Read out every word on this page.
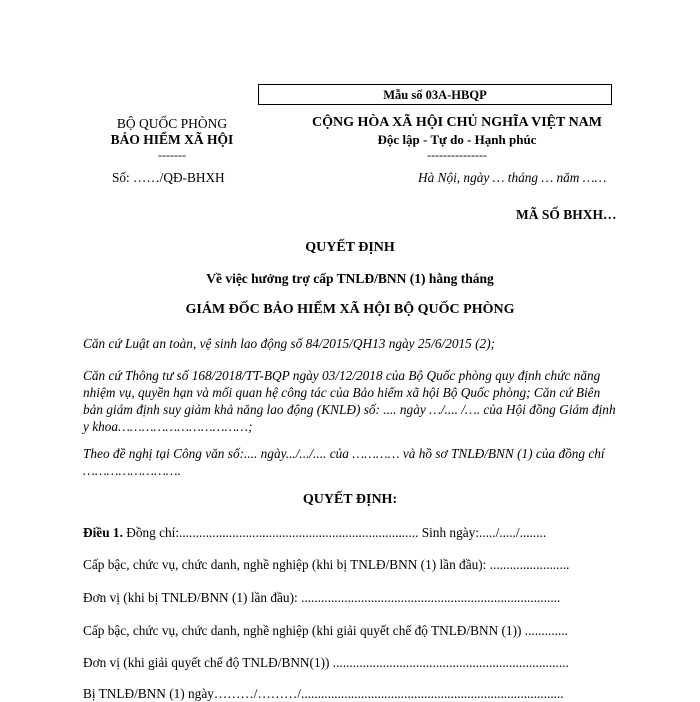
Mẫu số 03A-HBQP
BỘ QUỐC PHÒNG
BẢO HIỂM XÃ HỘI
-------
Số: ……/QĐ-BHXH
CỘNG HÒA XÃ HỘI CHỦ NGHĨA VIỆT NAM
Độc lập - Tự do - Hạnh phúc
---------------
Hà Nội, ngày … tháng … năm ……
MÃ SỐ BHXH…
QUYẾT ĐỊNH
Về việc hưởng trợ cấp TNLĐ/BNN (1) hằng tháng
GIÁM ĐỐC BẢO HIỂM XÃ HỘI BỘ QUỐC PHÒNG
Căn cứ Luật an toàn, vệ sinh lao động số 84/2015/QH13 ngày 25/6/2015 (2);
Căn cứ Thông tư số 168/2018/TT-BQP ngày 03/12/2018 của Bộ Quốc phòng quy định chức năng nhiệm vụ, quyền hạn và mối quan hệ công tác của Bảo hiểm xã hội Bộ Quốc phòng; Căn cứ Biên bản giám định suy giảm khả năng lao động (KNLĐ) số: .... ngày …/.... /…. của Hội đồng Giám định y khoa……………………………;
Theo đề nghị tại Công văn số:.... ngày.../.../.... của ………… và hồ sơ TNLĐ/BNN (1) của đồng chí …………………….
QUYẾT ĐỊNH:
Điều 1. Đồng chí:........................................................................ Sinh ngày:...../...../........
Cấp bậc, chức vụ, chức danh, nghề nghiệp (khi bị TNLĐ/BNN (1) lần đầu): ........................
Đơn vị (khi bị TNLĐ/BNN (1) lần đầu): ..............................................................................
Cấp bậc, chức vụ, chức danh, nghề nghiệp (khi giải quyết chế độ TNLĐ/BNN (1)) .............
Đơn vị (khi giải quyết chế độ TNLĐ/BNN(1)) .......................................................................
Bị TNLĐ/BNN (1) ngày………/………/...............................................................................
